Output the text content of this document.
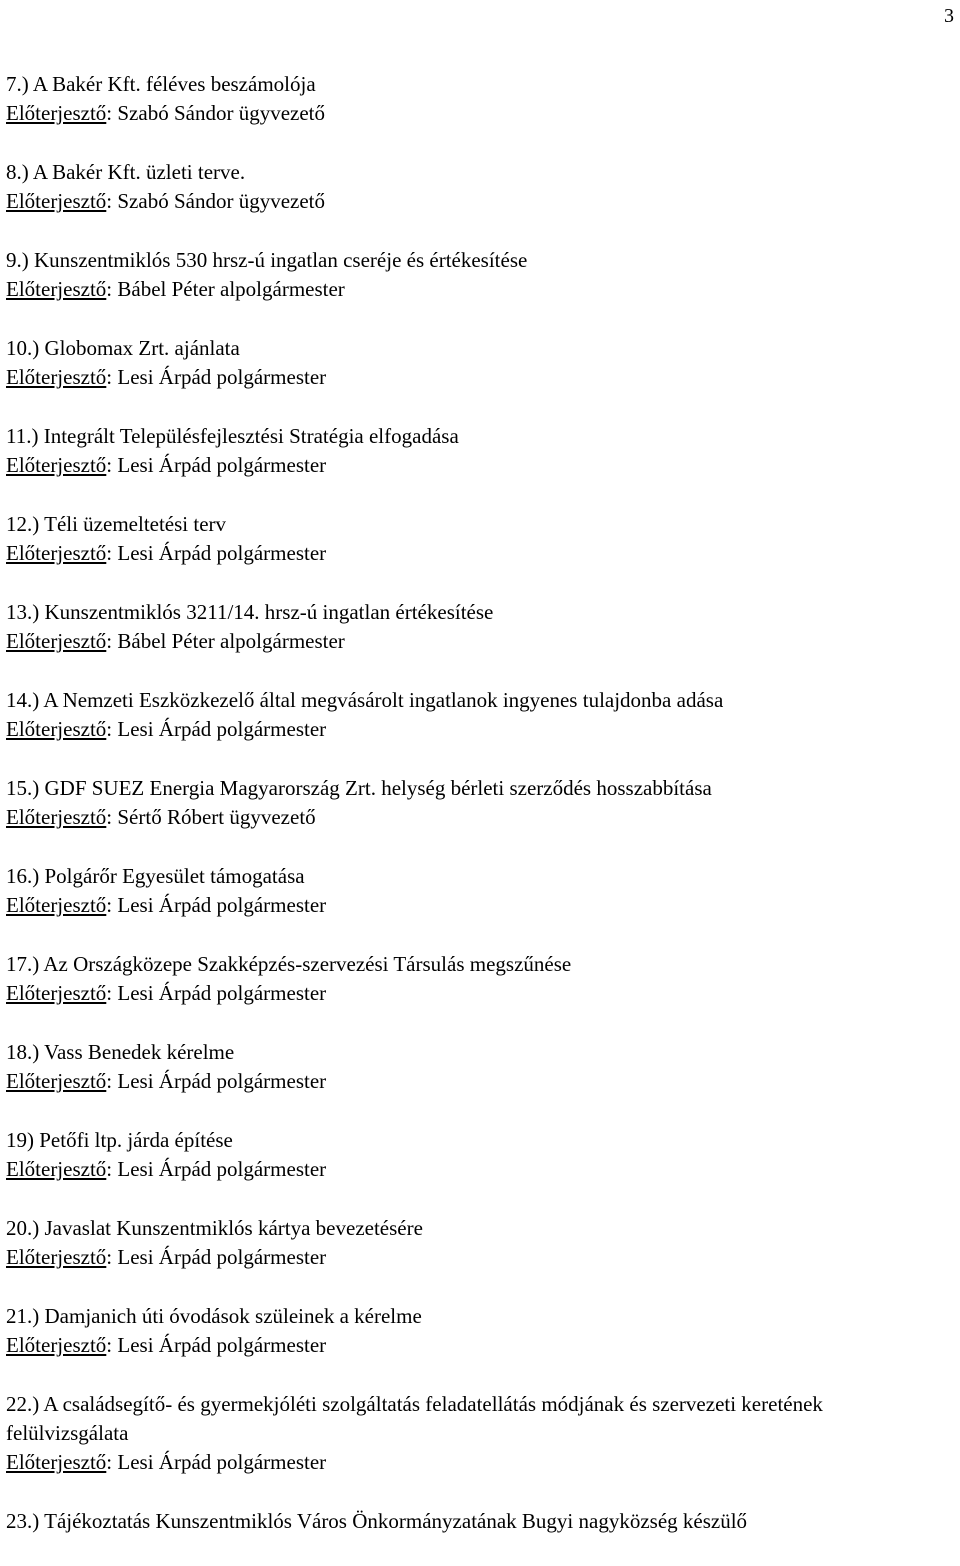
3
7.) A Bakér Kft. féléves beszámolója
Előterjesztő: Szabó Sándor ügyvezető
8.) A Bakér Kft. üzleti terve.
Előterjesztő: Szabó Sándor ügyvezető
9.) Kunszentmiklós 530 hrsz-ú ingatlan cseréje és értékesítése
Előterjesztő: Bábel Péter alpolgármester
10.) Globomax Zrt. ajánlata
Előterjesztő: Lesi Árpád polgármester
11.) Integrált Településfejlesztési Stratégia elfogadása
Előterjesztő: Lesi Árpád polgármester
12.) Téli üzemeltetési terv
Előterjesztő: Lesi Árpád polgármester
13.) Kunszentmiklós 3211/14. hrsz-ú ingatlan értékesítése
Előterjesztő: Bábel Péter alpolgármester
14.) A Nemzeti Eszközkezelő által megvásárolt ingatlanok ingyenes tulajdonba adása
Előterjesztő: Lesi Árpád polgármester
15.) GDF SUEZ Energia Magyarország Zrt. helység bérleti szerződés hosszabbítása
Előterjesztő: Sértő Róbert ügyvezető
16.) Polgárőr Egyesület támogatása
Előterjesztő: Lesi Árpád polgármester
17.) Az Országközepe Szakképzés-szervezési Társulás megszűnése
Előterjesztő: Lesi Árpád polgármester
18.) Vass Benedek kérelme
Előterjesztő: Lesi Árpád polgármester
19) Petőfi ltp. járda építése
Előterjesztő: Lesi Árpád polgármester
20.) Javaslat Kunszentmiklós kártya bevezetésére
Előterjesztő: Lesi Árpád polgármester
21.) Damjanich úti óvodások szüleinek a kérelme
Előterjesztő: Lesi Árpád polgármester
22.) A családsegítő- és gyermekjóléti szolgáltatás feladatellátás módjának és szervezeti keretének felülvizsgálata
Előterjesztő: Lesi Árpád polgármester
23.) Tájékoztatás Kunszentmiklós Város Önkormányzatának Bugyi nagyközség készülő
